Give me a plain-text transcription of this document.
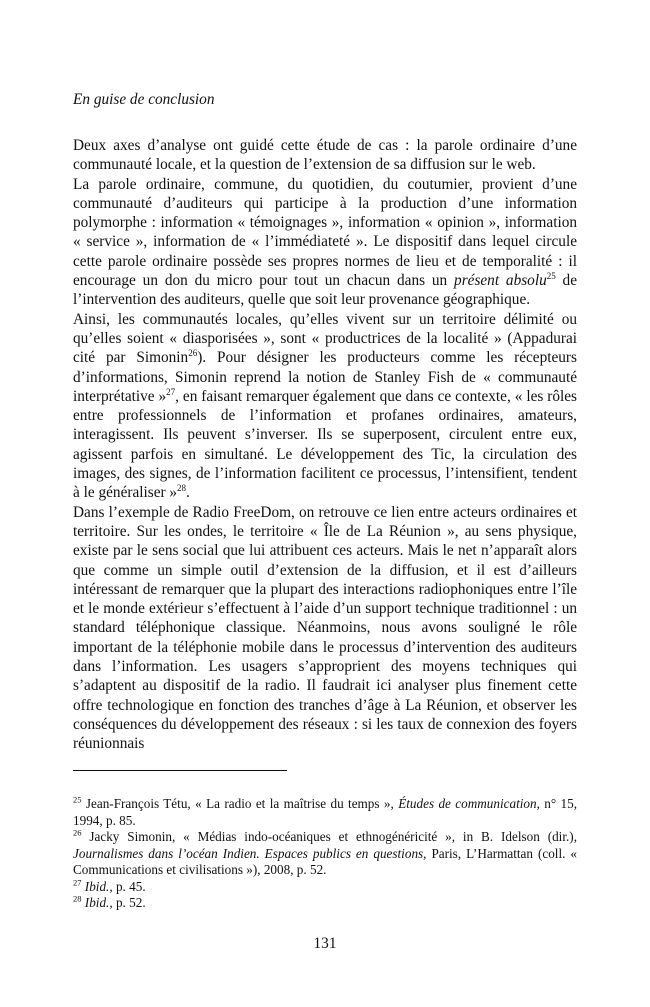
En guise de conclusion

Deux axes d’analyse ont guidé cette étude de cas : la parole ordinaire d’une communauté locale, et la question de l’extension de sa diffusion sur le web.

La parole ordinaire, commune, du quotidien, du coutumier, provient d’une communauté d’auditeurs qui participe à la production d’une information polymorphe : information « témoignages », information « opinion », information « service », information de « l’immédiateté ». Le dispositif dans lequel circule cette parole ordinaire possède ses propres normes de lieu et de temporalité : il encourage un don du micro pour tout un chacun dans un présent absolu$^{25}$ de l’intervention des auditeurs, quelle que soit leur provenance géographique.

Ainsi, les communautés locales, qu’elles vivent sur un territoire délimité ou qu’elles soient « diasporisées », sont « productrices de la localité » (Appadurai cité par Simonin$^{26}$). Pour désigner les producteurs comme les récepteurs d’informations, Simonin reprend la notion de Stanley Fish de « communauté interprétative »$^{27}$, en faisant remarquer également que dans ce contexte, « les rôles entre professionnels de l’information et profanes ordinaires, amateurs, interagissent. Ils peuvent s’inverser. Ils se superposent, circulent entre eux, agissent parfois en simultané. Le développement des Tic, la circulation des images, des signes, de l’information facilitent ce processus, l’intensifient, tendent à le généraliser »$^{28}$.

Dans l’exemple de Radio FreeDom, on retrouve ce lien entre acteurs ordinaires et territoire. Sur les ondes, le territoire « Île de La Réunion », au sens physique, existe par le sens social que lui attribuent ces acteurs. Mais le net n’apparaît alors que comme un simple outil d’extension de la diffusion, et il est d’ailleurs intéressant de remarquer que la plupart des interactions radiophoniques entre l’île et le monde extérieur s’effectuent à l’aide d’un support technique traditionnel : un standard téléphonique classique. Néanmoins, nous avons souligné le rôle important de la téléphonie mobile dans le processus d’intervention des auditeurs dans l’information. Les usagers s’approprient des moyens techniques qui s’adaptent au dispositif de la radio. Il faudrait ici analyser plus finement cette offre technologique en fonction des tranches d’âge à La Réunion, et observer les conséquences du développement des réseaux : si les taux de connexion des foyers réunionnais

$^{25}$ Jean-François Tétu, « La radio et la maîtrise du temps », Études de communication, n° 15, 1994, p. 85.

$^{26}$ Jacky Simonin, « Médias indo-océaniques et ethnogénéricité », in B. Idelson (dir.), Journalismes dans l’océan Indien. Espaces publics en questions, Paris, L’Harmattan (coll. « Communications et civilisations »), 2008, p. 52.

$^{27}$ Ibid., p. 45.

$^{28}$ Ibid., p. 52.

131
